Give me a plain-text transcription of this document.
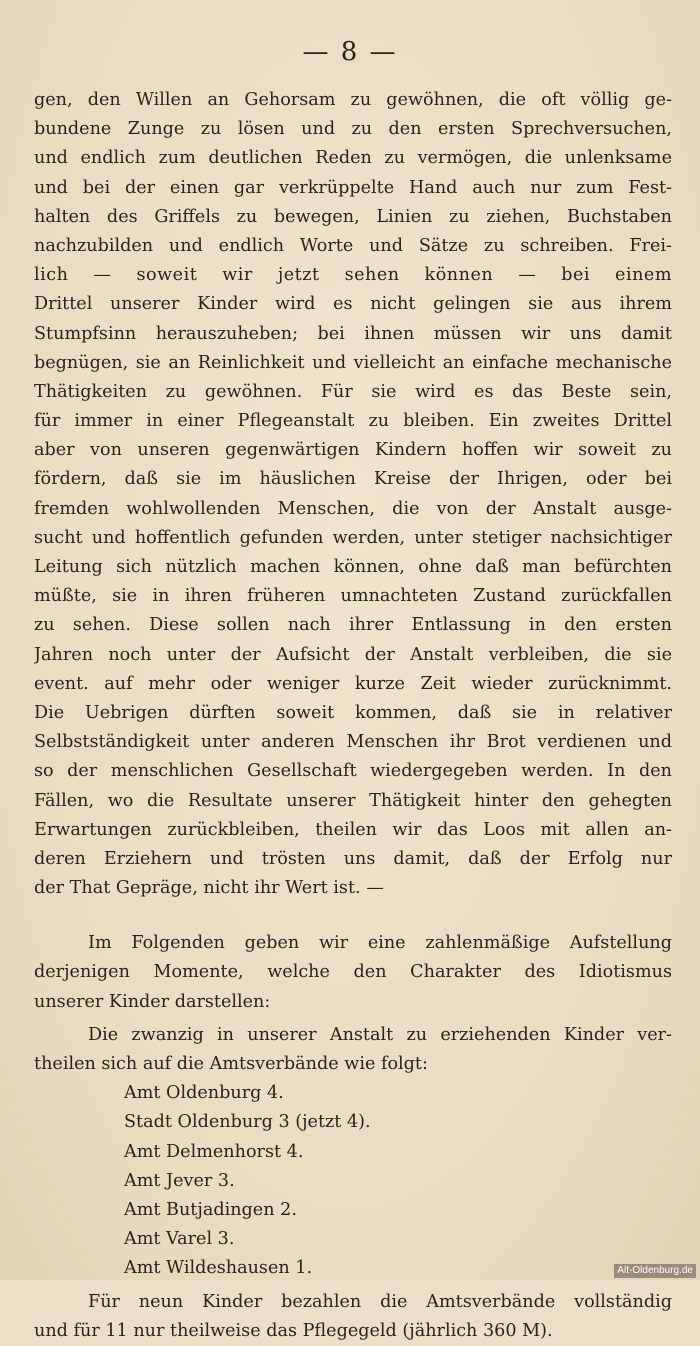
— 8 —
gen, den Willen an Gehorsam zu gewöhnen, die oft völlig ge-
bundene Zunge zu lösen und zu den ersten Sprechversuchen,
und endlich zum deutlichen Reden zu vermögen, die unlenksame
und bei der einen gar verkrüppelte Hand auch nur zum Fest-
halten des Griffels zu bewegen, Linien zu ziehen, Buchstaben
nachzubilden und endlich Worte und Sätze zu schreiben. Frei-
lich — soweit wir jetzt sehen können — bei einem
Drittel unserer Kinder wird es nicht gelingen sie aus ihrem
Stumpfsinn herauszuheben; bei ihnen müssen wir uns damit
begnügen, sie an Reinlichkeit und vielleicht an einfache mechanische
Thätigkeiten zu gewöhnen. Für sie wird es das Beste sein,
für immer in einer Pflegeanstalt zu bleiben. Ein zweites Drittel
aber von unseren gegenwärtigen Kindern hoffen wir soweit zu
fördern, daß sie im häuslichen Kreise der Ihrigen, oder bei
fremden wohlwollenden Menschen, die von der Anstalt ausge-
sucht und hoffentlich gefunden werden, unter stetiger nachsichtiger
Leitung sich nützlich machen können, ohne daß man befürchten
müßte, sie in ihren früheren umnachteten Zustand zurückfallen
zu sehen. Diese sollen nach ihrer Entlassung in den ersten
Jahren noch unter der Aufsicht der Anstalt verbleiben, die sie
event. auf mehr oder weniger kurze Zeit wieder zurücknimmt.
Die Uebrigen dürften soweit kommen, daß sie in relativer
Selbstständigkeit unter anderen Menschen ihr Brot verdienen und
so der menschlichen Gesellschaft wiedergegeben werden. In den
Fällen, wo die Resultate unserer Thätigkeit hinter den gehegten
Erwartungen zurückbleiben, theilen wir das Loos mit allen an-
deren Erziehern und trösten uns damit, daß der Erfolg nur
der That Gepräge, nicht ihr Wert ist. —
Im Folgenden geben wir eine zahlenmäßige Aufstellung
derjenigen Momente, welche den Charakter des Idiotismus
unserer Kinder darstellen:
Die zwanzig in unserer Anstalt zu erziehenden Kinder ver-
theilen sich auf die Amtsverbände wie folgt:
Amt Oldenburg 4.
Stadt Oldenburg 3 (jetzt 4).
Amt Delmenhorst 4.
Amt Jever 3.
Amt Butjadingen 2.
Amt Varel 3.
Amt Wildeshausen 1.
Für neun Kinder bezahlen die Amtsverbände vollständig
und für 11 nur theilweise das Pflegegeld (jährlich 360 M).
Alt-Oldenburg.de
